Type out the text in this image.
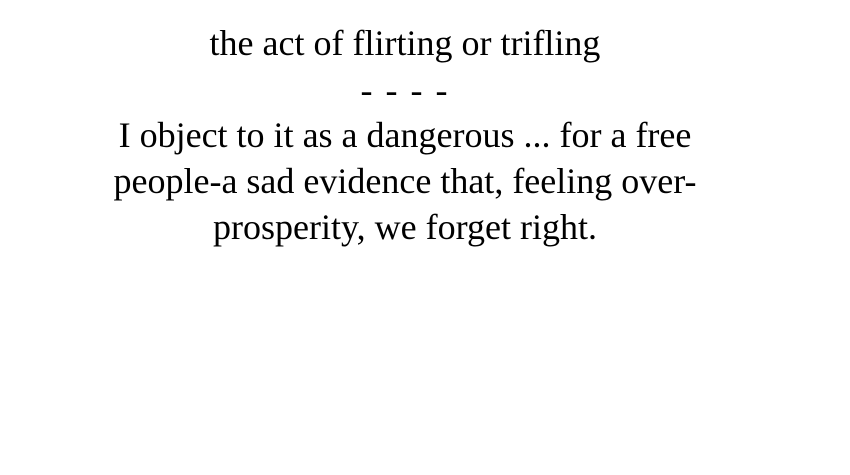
the act of flirting or trifling

- - - -

I object to it as a dangerous ... for a free
people-a sad evidence that, feeling over-
prosperity, we forget right.
